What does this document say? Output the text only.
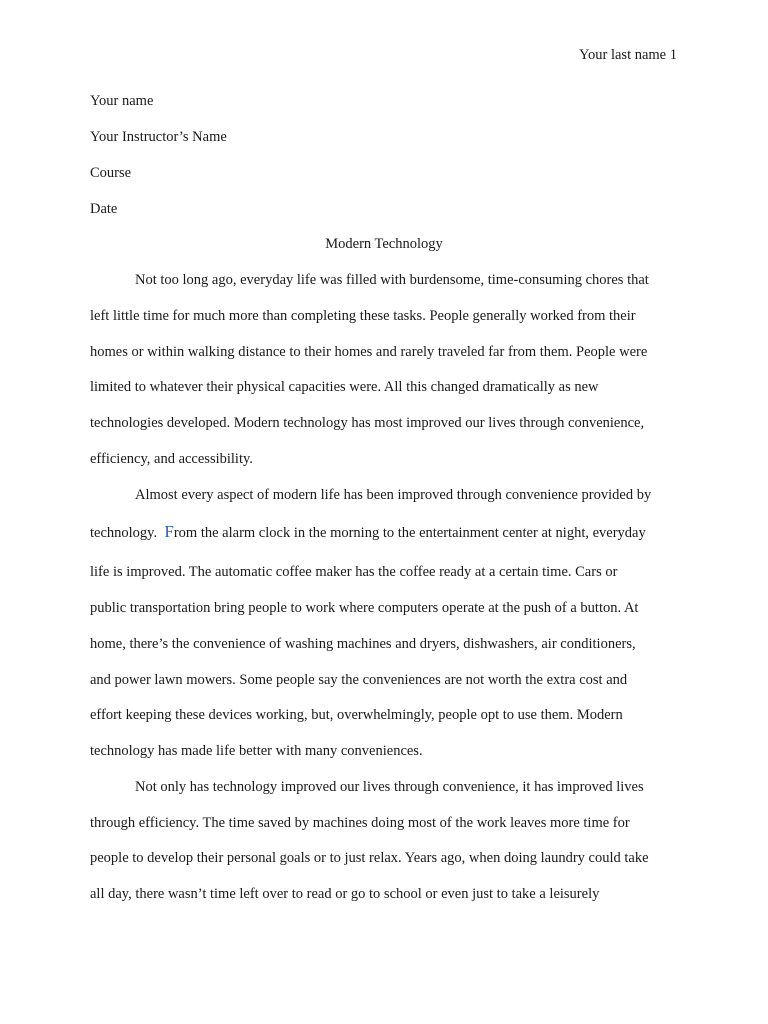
Your last name 1
Your name
Your Instructor’s Name
Course
Date
Modern Technology
Not too long ago, everyday life was filled with burdensome, time-consuming chores that
left little time for much more than completing these tasks. People generally worked from their
homes or within walking distance to their homes and rarely traveled far from them. People were
limited to whatever their physical capacities were. All this changed dramatically as new
technologies developed. Modern technology has most improved our lives through convenience,
efficiency, and accessibility.
Almost every aspect of modern life has been improved through convenience provided by
technology.  From the alarm clock in the morning to the entertainment center at night, everyday
life is improved. The automatic coffee maker has the coffee ready at a certain time. Cars or
public transportation bring people to work where computers operate at the push of a button. At
home, there’s the convenience of washing machines and dryers, dishwashers, air conditioners,
and power lawn mowers. Some people say the conveniences are not worth the extra cost and
effort keeping these devices working, but, overwhelmingly, people opt to use them. Modern
technology has made life better with many conveniences.
Not only has technology improved our lives through convenience, it has improved lives
through efficiency. The time saved by machines doing most of the work leaves more time for
people to develop their personal goals or to just relax. Years ago, when doing laundry could take
all day, there wasn’t time left over to read or go to school or even just to take a leisurely
